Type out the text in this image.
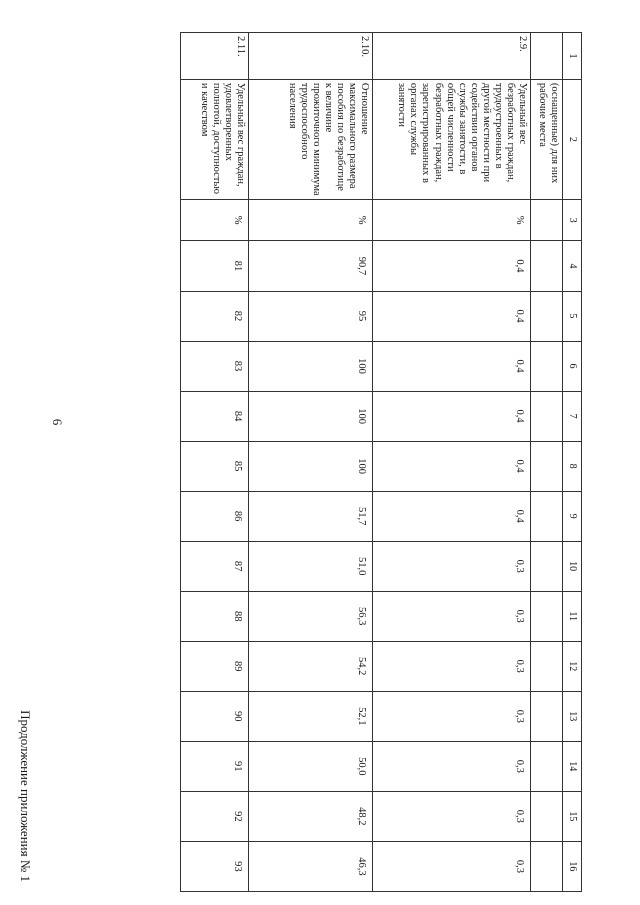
6
Продолжение приложения № 1
1	2	3	4	5	6	7	8	9	10	11	12	13	14	15	16
	(оснащенные) для них рабочие места														
2.9.	Удельный вес безработных граждан, трудоустроенных в другой местности при содействии органов службы занятости, в общей численности безработных граждан, зарегистрированных в органах службы занятости	%	0,4	0,4	0,4	0,4	0,4	0,4	0,3	0,3	0,3	0,3	0,3	0,3	0,3
2.10.	Отношение максимального размера пособия по безработице к величине прожиточного минимума трудоспособного населения	%	90,7	95	100	100	100	51,7	51,0	56,3	54,2	52,1	50,0	48,2	46,3
2.11.	Удельный вес граждан, удовлетворенных полнотой, доступностью и качеством	%	81	82	83	84	85	86	87	88	89	90	91	92	93
